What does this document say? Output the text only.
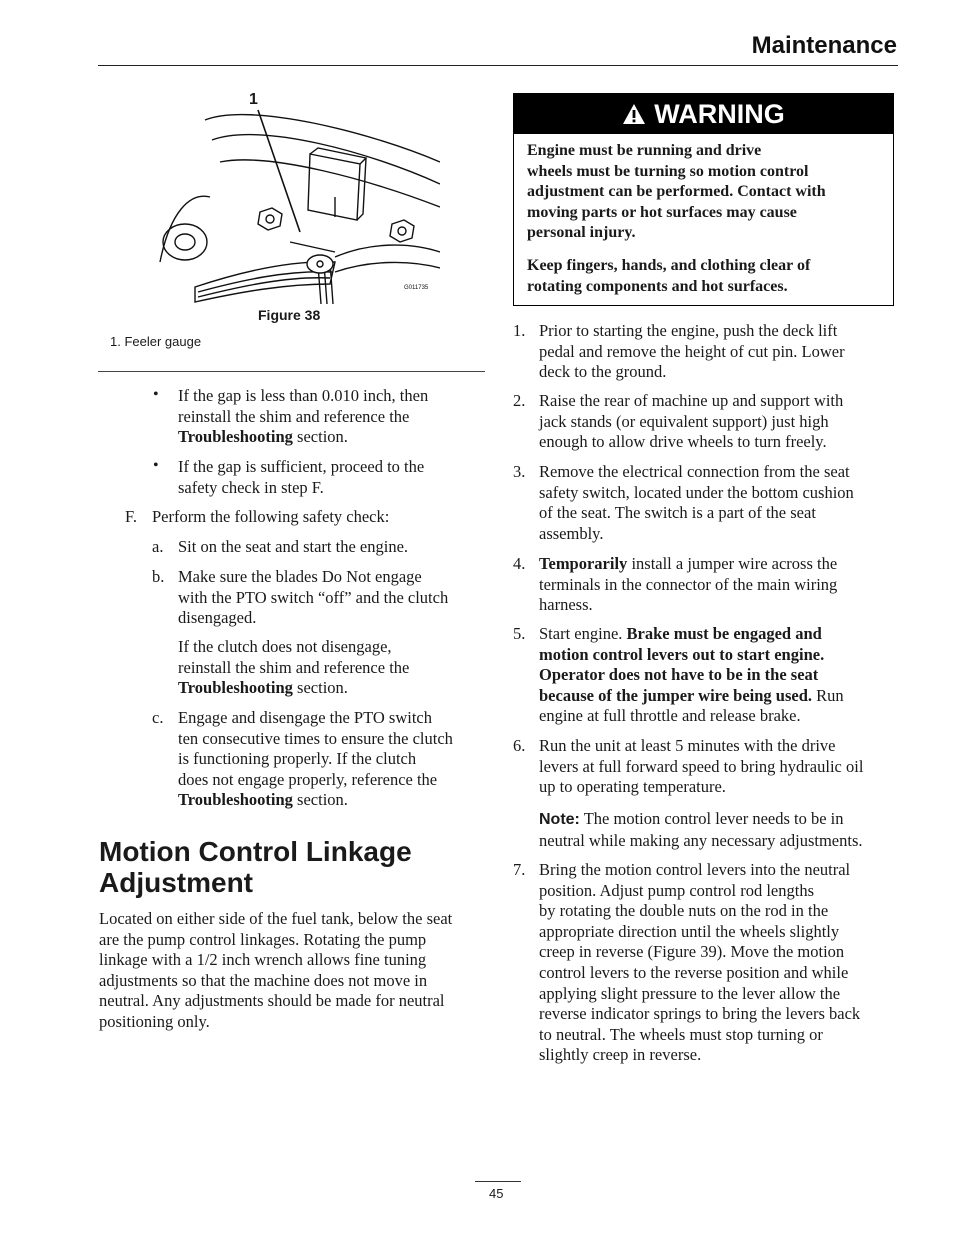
Maintenance
1
G011735
Figure 38
1. Feeler gauge
• If the gap is less than 0.010 inch, then
reinstall the shim and reference the
Troubleshooting section.
• If the gap is sufficient, proceed to the
safety check in step F.
F. Perform the following safety check:
a. Sit on the seat and start the engine.
b. Make sure the blades Do Not engage
with the PTO switch “off” and the clutch
disengaged.
If the clutch does not disengage,
reinstall the shim and reference the
Troubleshooting section.
c. Engage and disengage the PTO switch
ten consecutive times to ensure the clutch
is functioning properly. If the clutch
does not engage properly, reference the
Troubleshooting section.
Motion Control Linkage
Adjustment
Located on either side of the fuel tank, below the seat
are the pump control linkages. Rotating the pump
linkage with a 1/2 inch wrench allows fine tuning
adjustments so that the machine does not move in
neutral. Any adjustments should be made for neutral
positioning only.
WARNING
Engine must be running and drive
wheels must be turning so motion control
adjustment can be performed. Contact with
moving parts or hot surfaces may cause
personal injury.
Keep fingers, hands, and clothing clear of
rotating components and hot surfaces.
1. Prior to starting the engine, push the deck lift
pedal and remove the height of cut pin. Lower
deck to the ground.
2. Raise the rear of machine up and support with
jack stands (or equivalent support) just high
enough to allow drive wheels to turn freely.
3. Remove the electrical connection from the seat
safety switch, located under the bottom cushion
of the seat. The switch is a part of the seat
assembly.
4. Temporarily install a jumper wire across the
terminals in the connector of the main wiring
harness.
5. Start engine. Brake must be engaged and
motion control levers out to start engine.
Operator does not have to be in the seat
because of the jumper wire being used. Run
engine at full throttle and release brake.
6. Run the unit at least 5 minutes with the drive
levers at full forward speed to bring hydraulic oil
up to operating temperature.
Note: The motion control lever needs to be in
neutral while making any necessary adjustments.
7. Bring the motion control levers into the neutral
position. Adjust pump control rod lengths
by rotating the double nuts on the rod in the
appropriate direction until the wheels slightly
creep in reverse (Figure 39). Move the motion
control levers to the reverse position and while
applying slight pressure to the lever allow the
reverse indicator springs to bring the levers back
to neutral. The wheels must stop turning or
slightly creep in reverse.
45
